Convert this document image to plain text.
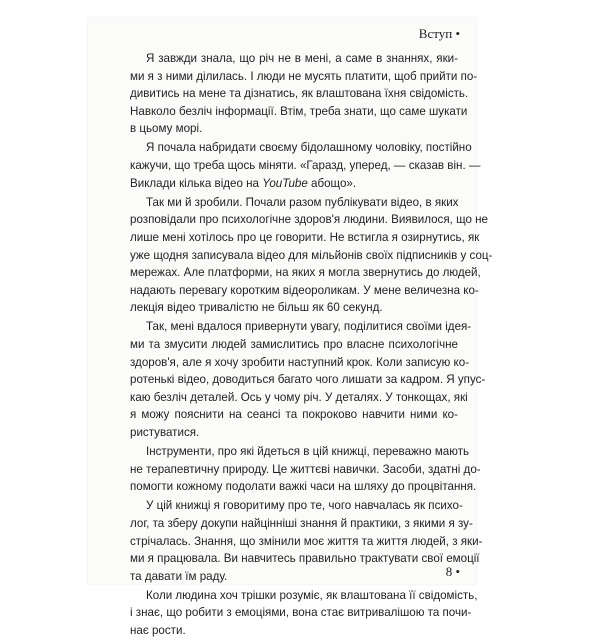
Вступ •
Я завжди знала, що річ не в мені, а саме в знаннях, яки-
ми я з ними ділилась. І люди не мусять платити, щоб прийти по-
дивитись на мене та дізнатись, як влаштована їхня свідомість.
Навколо безліч інформації. Втім, треба знати, що саме шукати
в цьому морі.
Я почала набридати своєму бідолашному чоловіку, постійно
кажучи, що треба щось міняти. «Гаразд, уперед, — сказав він. —
Виклади кілька відео на YouTube абощо».
Так ми й зробили. Почали разом публікувати відео, в яких
розповідали про психологічне здоров'я людини. Виявилося, що не
лише мені хотілось про це говорити. Не встигла я озирнутись, як
уже щодня записувала відео для мільйонів своїх підписників у соц-
мережах. Але платформи, на яких я могла звернутись до людей,
надають перевагу коротким відеороликам. У мене величезна ко-
лекція відео тривалістю не більш як 60 секунд.
Так, мені вдалося привернути увагу, поділитися своїми ідея-
ми та змусити людей замислитись про власне психологічне
здоров'я, але я хочу зробити наступний крок. Коли записую ко-
ротенькі відео, доводиться багато чого лишати за кадром. Я упус-
каю безліч деталей. Ось у чому річ. У деталях. У тонкощах, які
я можу пояснити на сеансі та покроково навчити ними ко-
ристуватися.
Інструменти, про які йдеться в цій книжці, переважно мають
не терапевтичну природу. Це життєві навички. Засоби, здатні до-
помогти кожному подолати важкі часи на шляху до процвітання.
У цій книжці я говоритиму про те, чого навчалась як психо-
лог, та зберу докупи найцінніші знання й практики, з якими я зу-
стрічалась. Знання, що змінили моє життя та життя людей, з яки-
ми я працювала. Ви навчитесь правильно трактувати свої емоції
та давати їм раду.
Коли людина хоч трішки розуміє, як влаштована її свідомість,
і знає, що робити з емоціями, вона стає витривалішою та почи-
нає рости.
8 •
